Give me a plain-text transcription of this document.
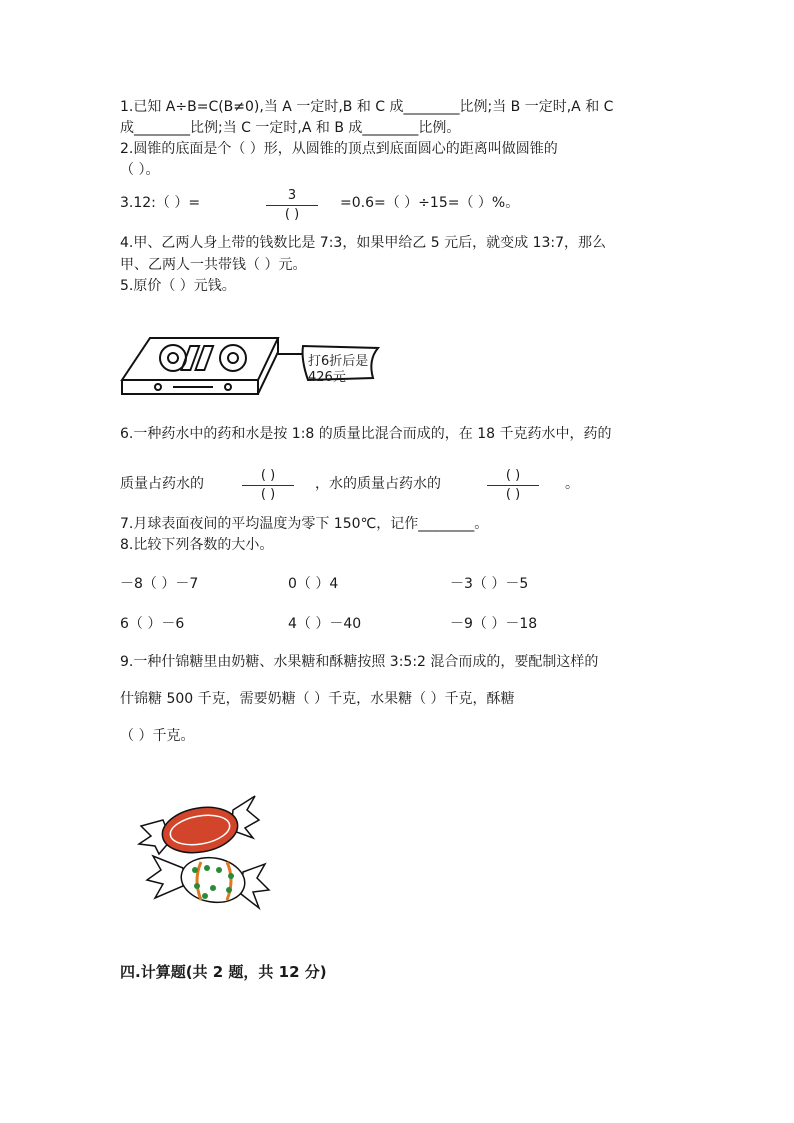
1.已知 A÷B=C(B≠0),当 A 一定时,B 和 C 成________比例;当 B 一定时,A 和 C
成________比例;当 C 一定时,A 和 B 成________比例。
2.圆锥的底面是个（ ）形，从圆锥的顶点到底面圆心的距离叫做圆锥的
（ ）。
3.12:（ ）=	3
( )
=0.6=（ ）÷15=（ ）%。
4.甲、乙两人身上带的钱数比是 7:3，如果甲给乙 5 元后，就变成 13:7，那么
甲、乙两人一共带钱（ ）元。
5.原价（ ）元钱。
打6折后是
426元
6.一种药水中的药和水是按 1:8 的质量比混合而成的，在 18 千克药水中，药的
质量占药水的
( )
( )
，水的质量占药水的
( )
( )
。
7.月球表面夜间的平均温度为零下 150℃，记作________。
8.比较下列各数的大小。
－8（ ）－7	0（ ）4	－3（ ）－5
6（ ）－6	4（ ）－40	－9（ ）－18
9.一种什锦糖里由奶糖、水果糖和酥糖按照 3:5:2 混合而成的，要配制这样的
什锦糖 500 千克，需要奶糖（ ）千克，水果糖（ ）千克，酥糖
（ ）千克。
四.计算题(共 2 题，共 12 分)
